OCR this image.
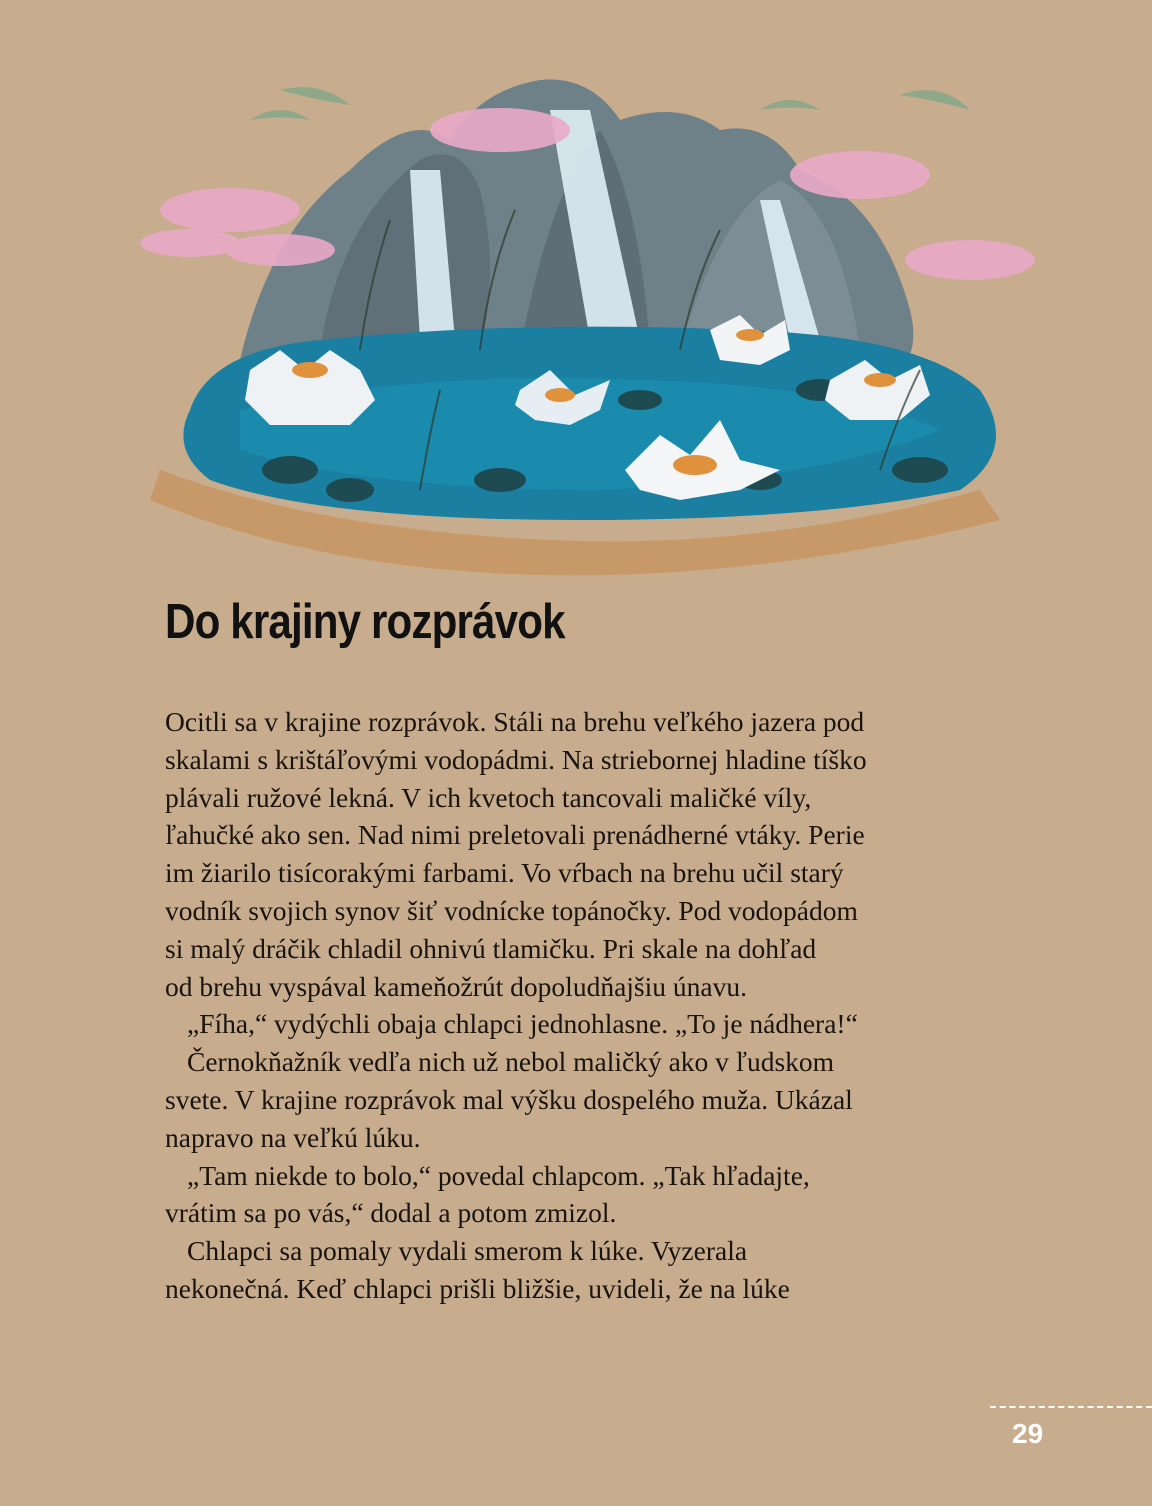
Do krajiny rozprávok
Ocitli sa v krajine rozprávok. Stáli na brehu veľkého jazera pod
skalami s krištáľovými vodopádmi. Na striebornej hladine tíško
plávali ružové lekná. V ich kvetoch tancovali maličké víly,
ľahučké ako sen. Nad nimi preletovali prenádherné vtáky. Perie
im žiarilo tisícorakými farbami. Vo vŕbach na brehu učil starý
vodník svojich synov šiť vodnícke topánočky. Pod vodopádom
si malý dráčik chladil ohnivú tlamičku. Pri skale na dohľad
od brehu vyspával kameňožrút dopoludňajšiu únavu.
„Fíha,“ vydýchli obaja chlapci jednohlasne. „To je nádhera!“
Černokňažník vedľa nich už nebol maličký ako v ľudskom
svete. V krajine rozprávok mal výšku dospelého muža. Ukázal
napravo na veľkú lúku.
„Tam niekde to bolo,“ povedal chlapcom. „Tak hľadajte,
vrátim sa po vás,“ dodal a potom zmizol.
Chlapci sa pomaly vydali smerom k lúke. Vyzerala
nekonečná. Keď chlapci prišli bližšie, uvideli, že na lúke
29
